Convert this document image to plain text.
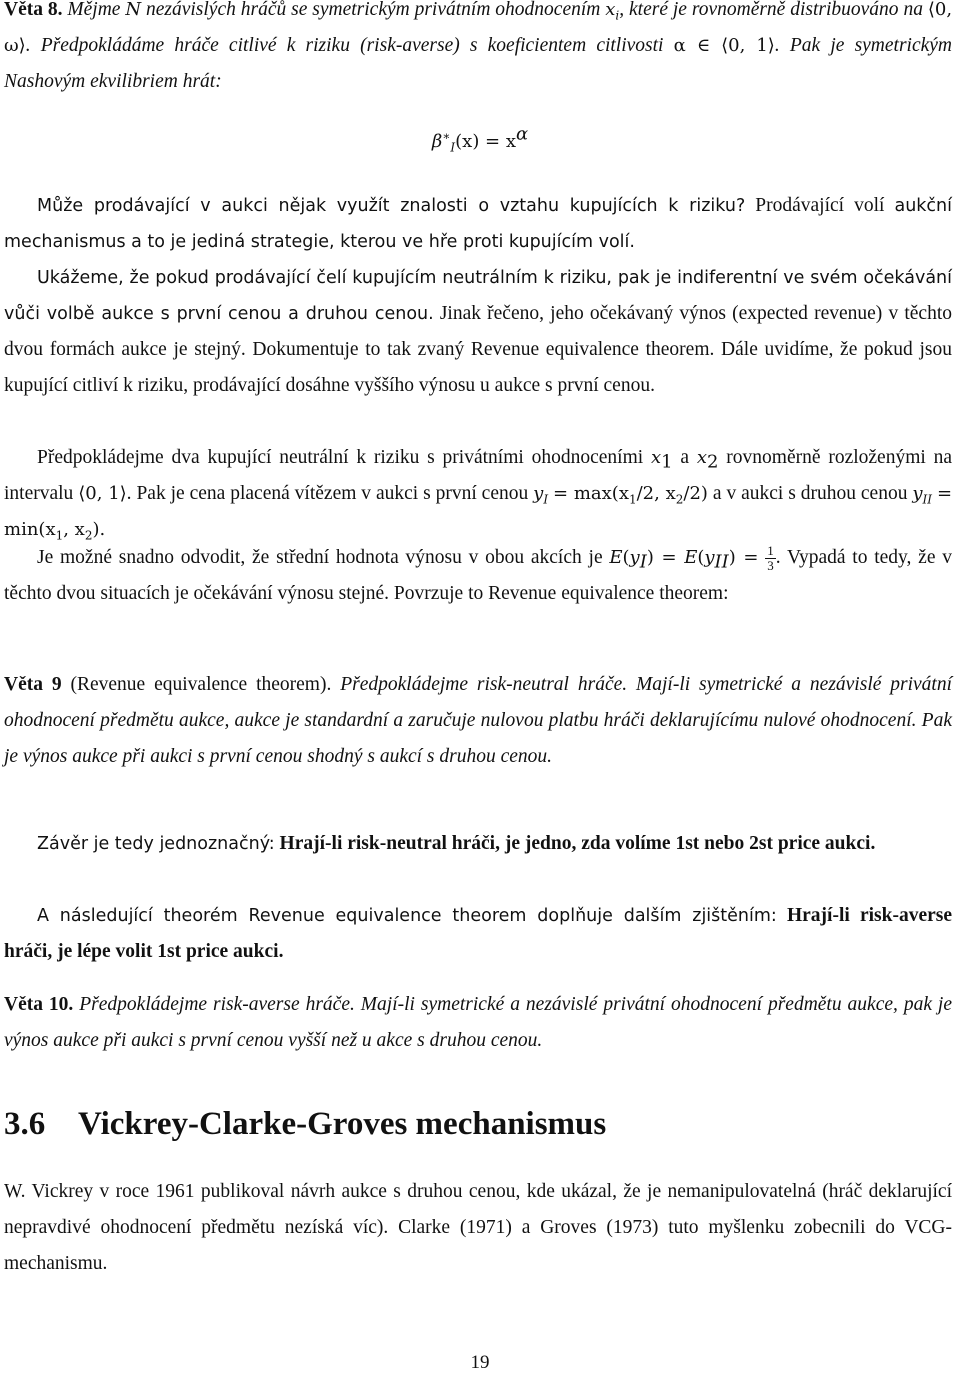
Věta 8. Mějme N nezávislých hráčů se symetrickým privátním ohodnocením $x_i$, které je rovnoměrně distribuováno na ⟨0, ω⟩. Předpokládáme hráče citlivé k riziku (risk-averse) s koeficientem citlivosti α ∈ ⟨0, 1⟩. Pak je symetrickým Nashovým ekvilibriem hrát:
$\beta^∗_I(x) = x^\alpha$
Může prodávající v aukci nějak využít znalosti o vztahu kupujících k riziku? Prodávající volí aukční mechanismus a to je jediná strategie, kterou ve hře proti kupujícím volí.
Ukážeme, že pokud prodávající čelí kupujícím neutrálním k riziku, pak je indiferentní ve svém očekávání vůči volbě aukce s první cenou a druhou cenou. Jinak řečeno, jeho očekávaný výnos (expected revenue) v těchto dvou formách aukce je stejný. Dokumentuje to tak zvaný Revenue equivalence theorem. Dále uvidíme, že pokud jsou kupující citliví k riziku, prodávající dosáhne vyššího výnosu u aukce s první cenou.
Předpokládejme dva kupující neutrální k riziku s privátními ohodnoceními $x_1$ a $x_2$ rovnoměrně rozloženými na intervalu ⟨0, 1⟩. Pak je cena placená vítězem v aukci s první cenou $y_I = \max(x_1/2$, $x_2/2$) a v aukci s druhou cenou $y_{II} = \min(x_1$, $x_2$).
Je možné snadno odvodit, že střední hodnota výnosu v obou akcích je $E(y_I) = E(y_{II}) = \frac{1}{3}$ . Vypadá to tedy, že v těchto dvou situacích je očekávání výnosu stejné. Povrzuje to Revenue equivalence theorem:
Věta 9 (Revenue equivalence theorem). Předpokládejme risk-neutral hráče. Mají-li symetrické a nezávislé privátní ohodnocení předmětu aukce, aukce je standardní a zaručuje nulovou platbu hráči deklarujícímu nulové ohodnocení. Pak je výnos aukce při aukci s první cenou shodný s aukcí s druhou cenou.
Závěr je tedy jednoznačný: Hrají-li risk-neutral hráči, je jedno, zda volíme 1st nebo 2st price aukci.
A následující theorém Revenue equivalence theorem doplňuje dalším zjištěním: Hrají-li risk-averse hráči, je lépe volit 1st price aukci.
Věta 10. Předpokládejme risk-averse hráče. Mají-li symetrické a nezávislé privátní ohodnocení předmětu aukce, pak je výnos aukce při aukci s první cenou vyšší než u akce s druhou cenou.
3.6 Vickrey-Clarke-Groves mechanismus
W. Vickrey v roce 1961 publikoval návrh aukce s druhou cenou, kde ukázal, že je nemanipulovatelná (hráč deklarující nepravdivé ohodnocení předmětu nezíská víc). Clarke (1971) a Groves (1973) tuto myšlenku zobecnili do VCG-mechanismu.
19
